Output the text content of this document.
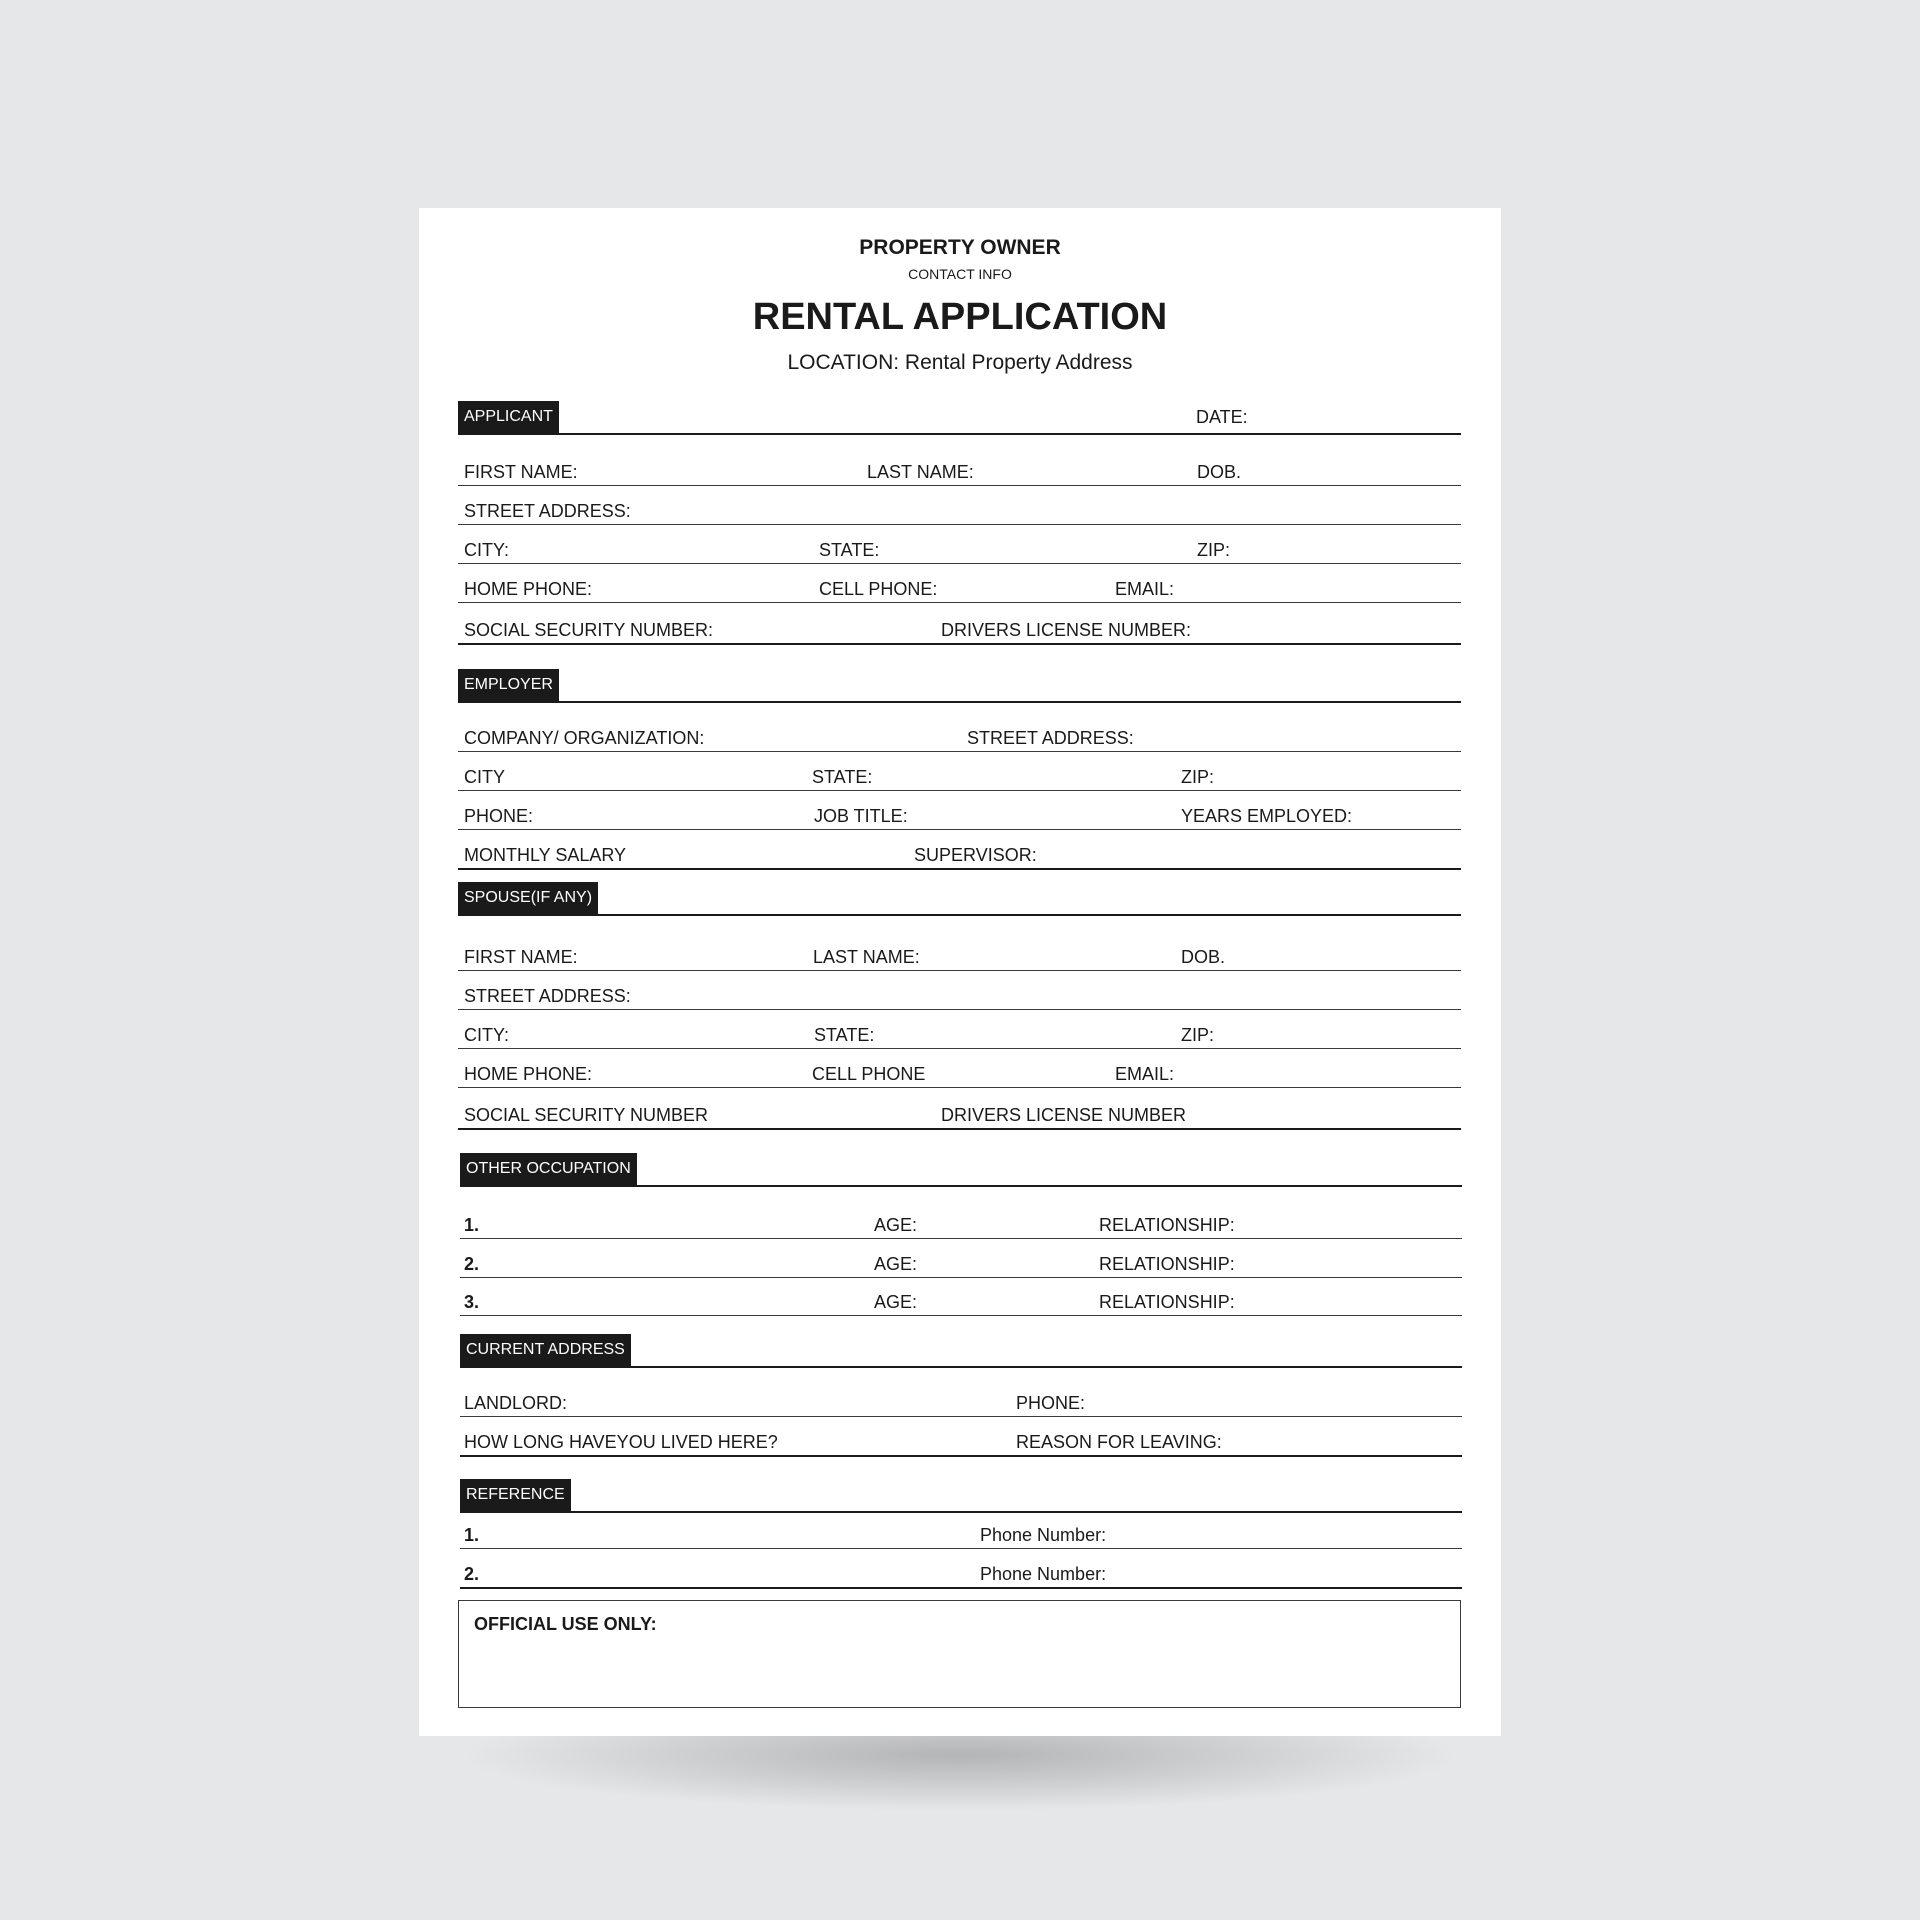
PROPERTY OWNER
CONTACT INFO
RENTAL APPLICATION
LOCATION: Rental Property Address
APPLICANT	DATE:
FIRST NAME:	LAST NAME:	DOB.
STREET ADDRESS:
CITY:	STATE:	ZIP:
HOME PHONE:	CELL PHONE:	EMAIL:
SOCIAL SECURITY NUMBER:	DRIVERS LICENSE NUMBER:
EMPLOYER
COMPANY/ ORGANIZATION:	STREET ADDRESS:
CITY	STATE:	ZIP:
PHONE:	JOB TITLE:	YEARS EMPLOYED:
MONTHLY SALARY	SUPERVISOR:
SPOUSE(IF ANY)
FIRST NAME:	LAST NAME:	DOB.
STREET ADDRESS:
CITY:	STATE:	ZIP:
HOME PHONE:	CELL PHONE	EMAIL:
SOCIAL SECURITY NUMBER	DRIVERS LICENSE NUMBER
OTHER OCCUPATION
1.	AGE:	RELATIONSHIP:
2.	AGE:	RELATIONSHIP:
3.	AGE:	RELATIONSHIP:
CURRENT ADDRESS
LANDLORD:	PHONE:
HOW LONG HAVEYOU LIVED HERE?	REASON FOR LEAVING:
REFERENCE
1.	Phone Number:
2.	Phone Number:
OFFICIAL USE ONLY:
